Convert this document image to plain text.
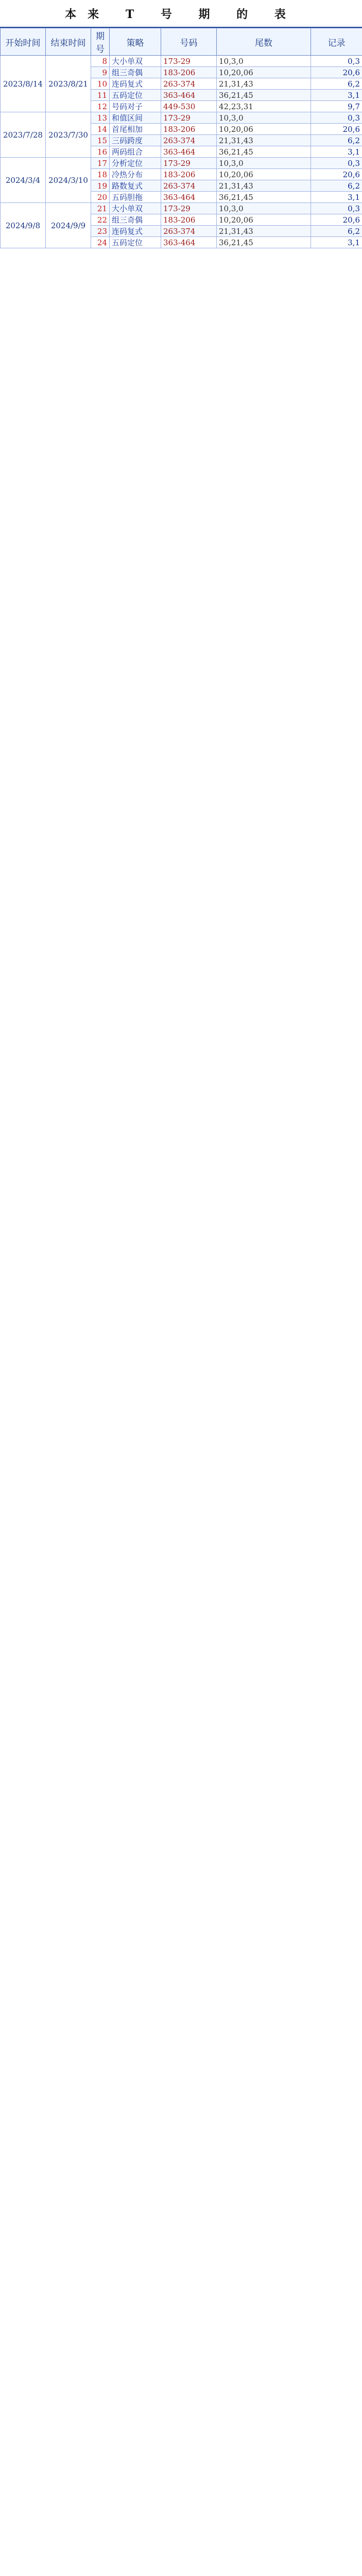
本来 T 号 期 的 表
开始时间	结束时间	期号	策略	号码	尾数	记录
2023/8/14	2023/8/21	8	大小单双	173-29	10,3,0	0,3
		9	组三奇偶	183-206	10,20,06	20,6
		10	连码复式	263-374	21,31,43	6,2
		11	五码定位	363-464	36,21,45	3,1
		12	号码对子	449-530	42,23,31	9,7
2023/7/28	2023/7/30	13	和值区间	173-29	10,3,0	0,3
		14	首尾相加	183-206	10,20,06	20,6
		15	三码跨度	263-374	21,31,43	6,2
		16	两码组合	363-464	36,21,45	3,1
2024/3/4	2024/3/10	17	分析定位	173-29	10,3,0	0,3
		18	冷热分布	183-206	10,20,06	20,6
		19	路数复式	263-374	21,31,43	6,2
		20	五码胆拖	363-464	36,21,45	3,1
2024/9/8	2024/9/9	21	大小单双	173-29	10,3,0	0,3
		22	组三奇偶	183-206	10,20,06	20,6
		23	连码复式	263-374	21,31,43	6,2
		24	五码定位	363-464	36,21,45	3,1
